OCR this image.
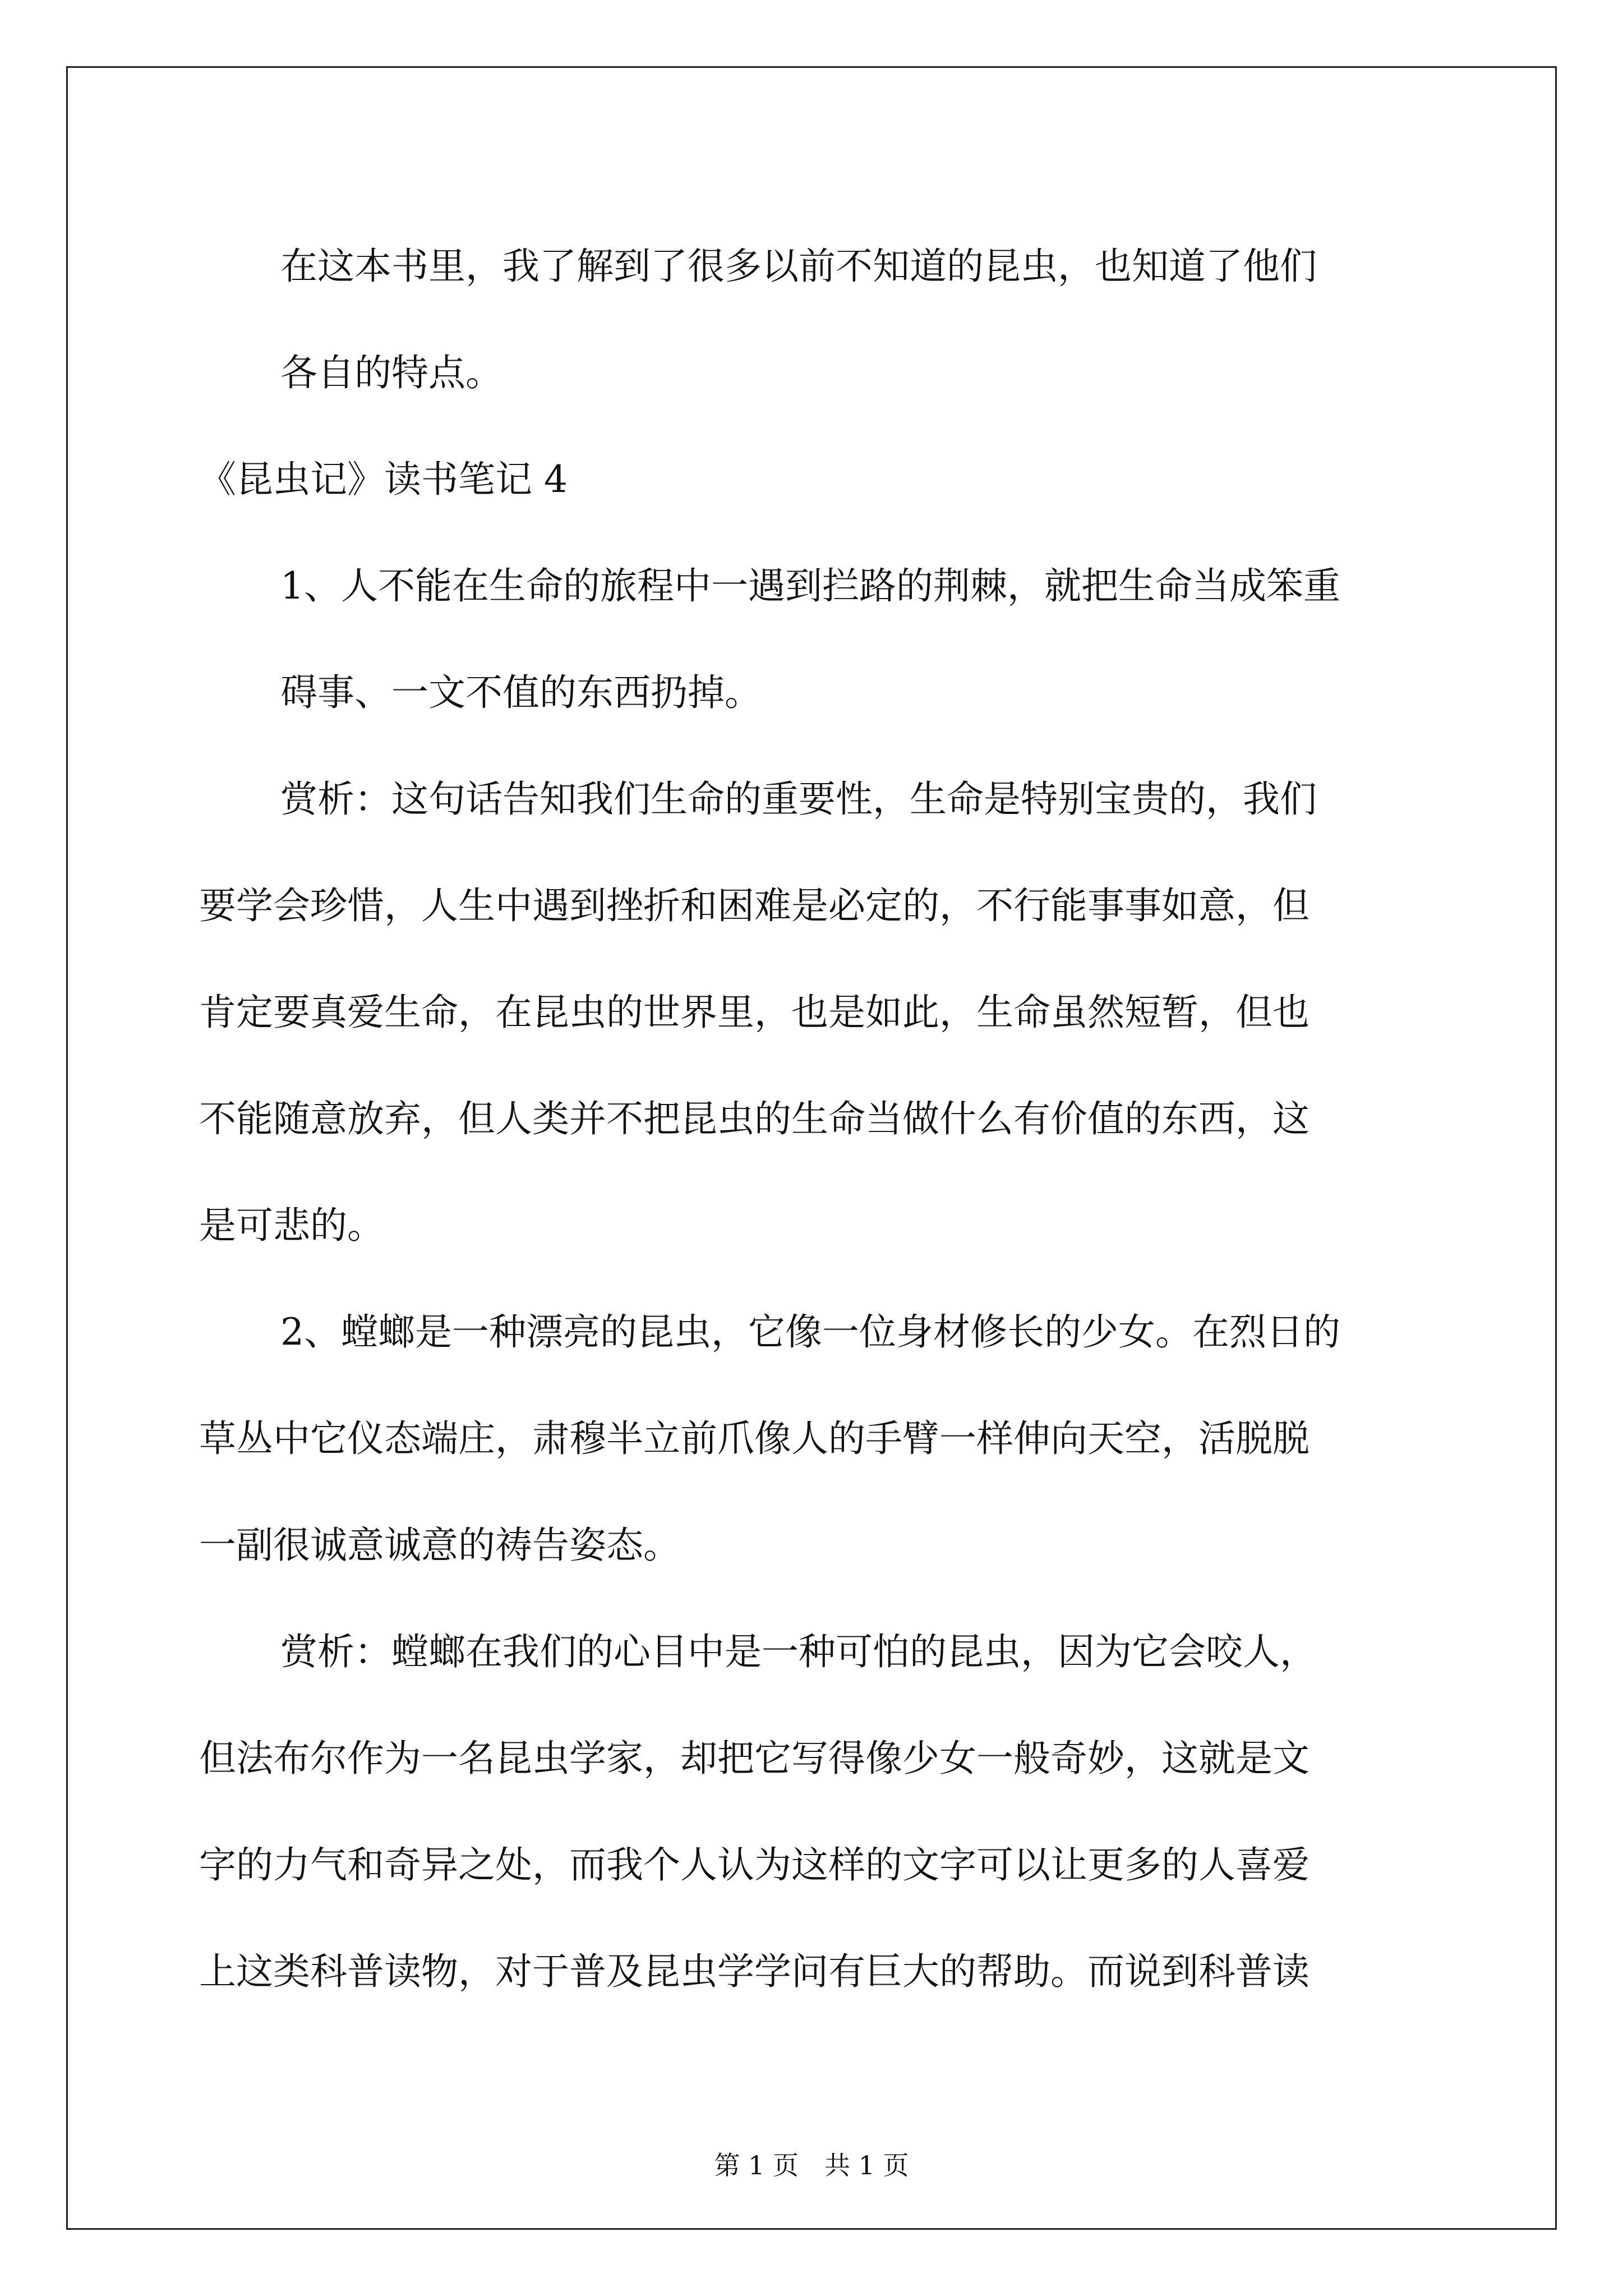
在这本书里，我了解到了很多以前不知道的昆虫，也知道了他们
各自的特点。
《昆虫记》读书笔记 4
1、人不能在生命的旅程中一遇到拦路的荆棘，就把生命当成笨重
碍事、一文不值的东西扔掉。
赏析：这句话告知我们生命的重要性，生命是特别宝贵的，我们
要学会珍惜，人生中遇到挫折和困难是必定的，不行能事事如意，但
肯定要真爱生命，在昆虫的世界里，也是如此，生命虽然短暂，但也
不能随意放弃，但人类并不把昆虫的生命当做什么有价值的东西，这
是可悲的。
2、螳螂是一种漂亮的昆虫，它像一位身材修长的少女。在烈日的
草丛中它仪态端庄，肃穆半立前爪像人的手臂一样伸向天空，活脱脱
一副很诚意诚意的祷告姿态。
赏析：螳螂在我们的心目中是一种可怕的昆虫，因为它会咬人，
但法布尔作为一名昆虫学家，却把它写得像少女一般奇妙，这就是文
字的力气和奇异之处，而我个人认为这样的文字可以让更多的人喜爱
上这类科普读物，对于普及昆虫学学问有巨大的帮助。而说到科普读
第 1 页　共 1 页
